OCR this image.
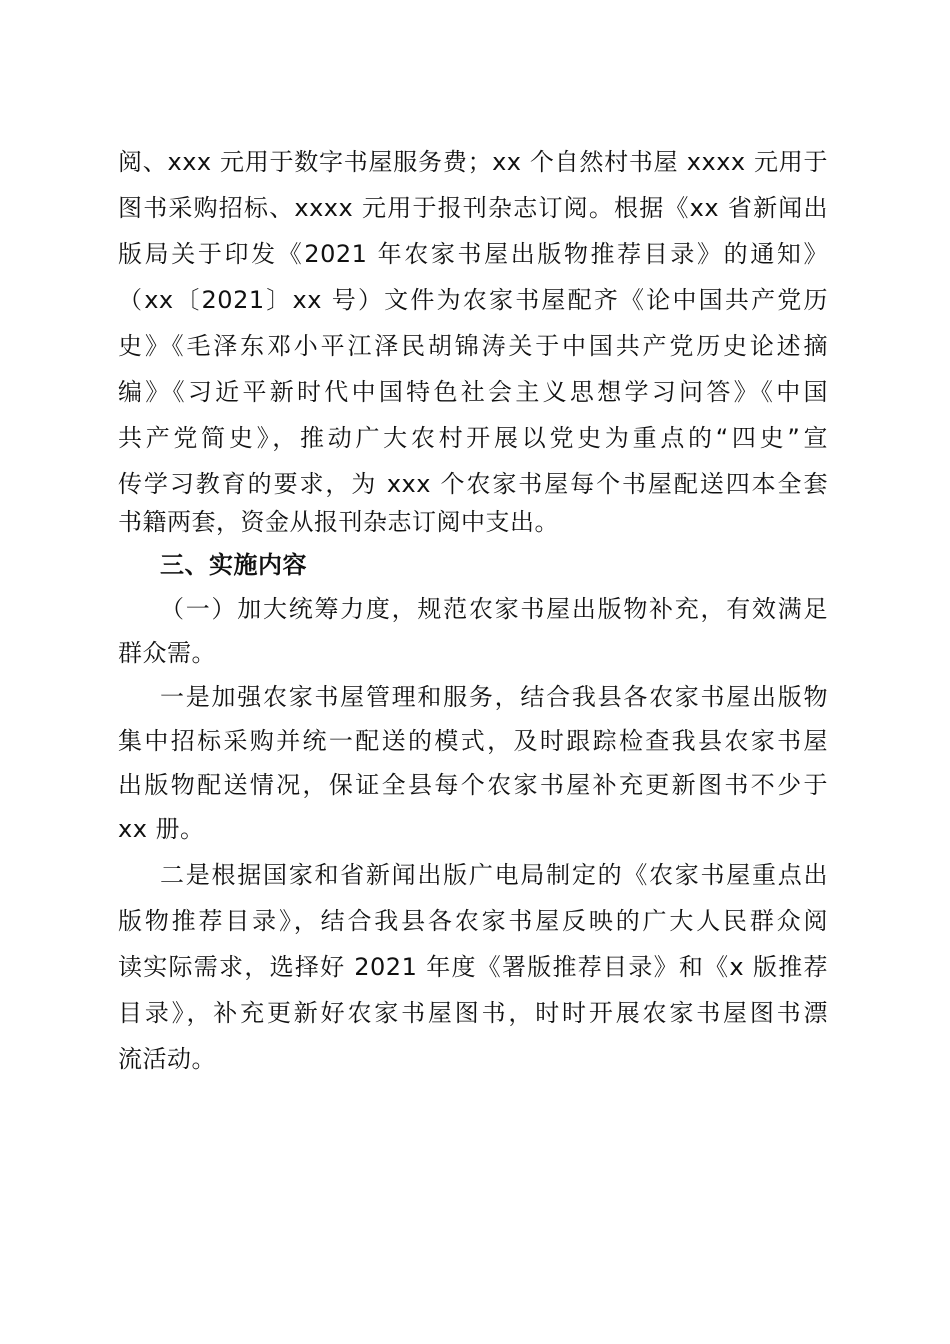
阅、xxx 元用于数字书屋服务费；xx 个自然村书屋 xxxx 元用于
图书采购招标、xxxx 元用于报刊杂志订阅。根据《xx 省新闻出
版局关于印发《2021 年农家书屋出版物推荐目录》的通知》
（xx〔2021〕xx 号）文件为农家书屋配齐《论中国共产党历
史》《毛泽东邓小平江泽民胡锦涛关于中国共产党历史论述摘
编》《习近平新时代中国特色社会主义思想学习问答》《中国
共产党简史》，推动广大农村开展以党史为重点的“四史”宣
传学习教育的要求，为 xxx 个农家书屋每个书屋配送四本全套
书籍两套，资金从报刊杂志订阅中支出。
三、实施内容
（一）加大统筹力度，规范农家书屋出版物补充，有效满足
群众需。
一是加强农家书屋管理和服务，结合我县各农家书屋出版物
集中招标采购并统一配送的模式，及时跟踪检查我县农家书屋
出版物配送情况，保证全县每个农家书屋补充更新图书不少于
xx 册。
二是根据国家和省新闻出版广电局制定的《农家书屋重点出
版物推荐目录》，结合我县各农家书屋反映的广大人民群众阅
读实际需求，选择好 2021 年度《署版推荐目录》和《x 版推荐
目录》，补充更新好农家书屋图书，时时开展农家书屋图书漂
流活动。
